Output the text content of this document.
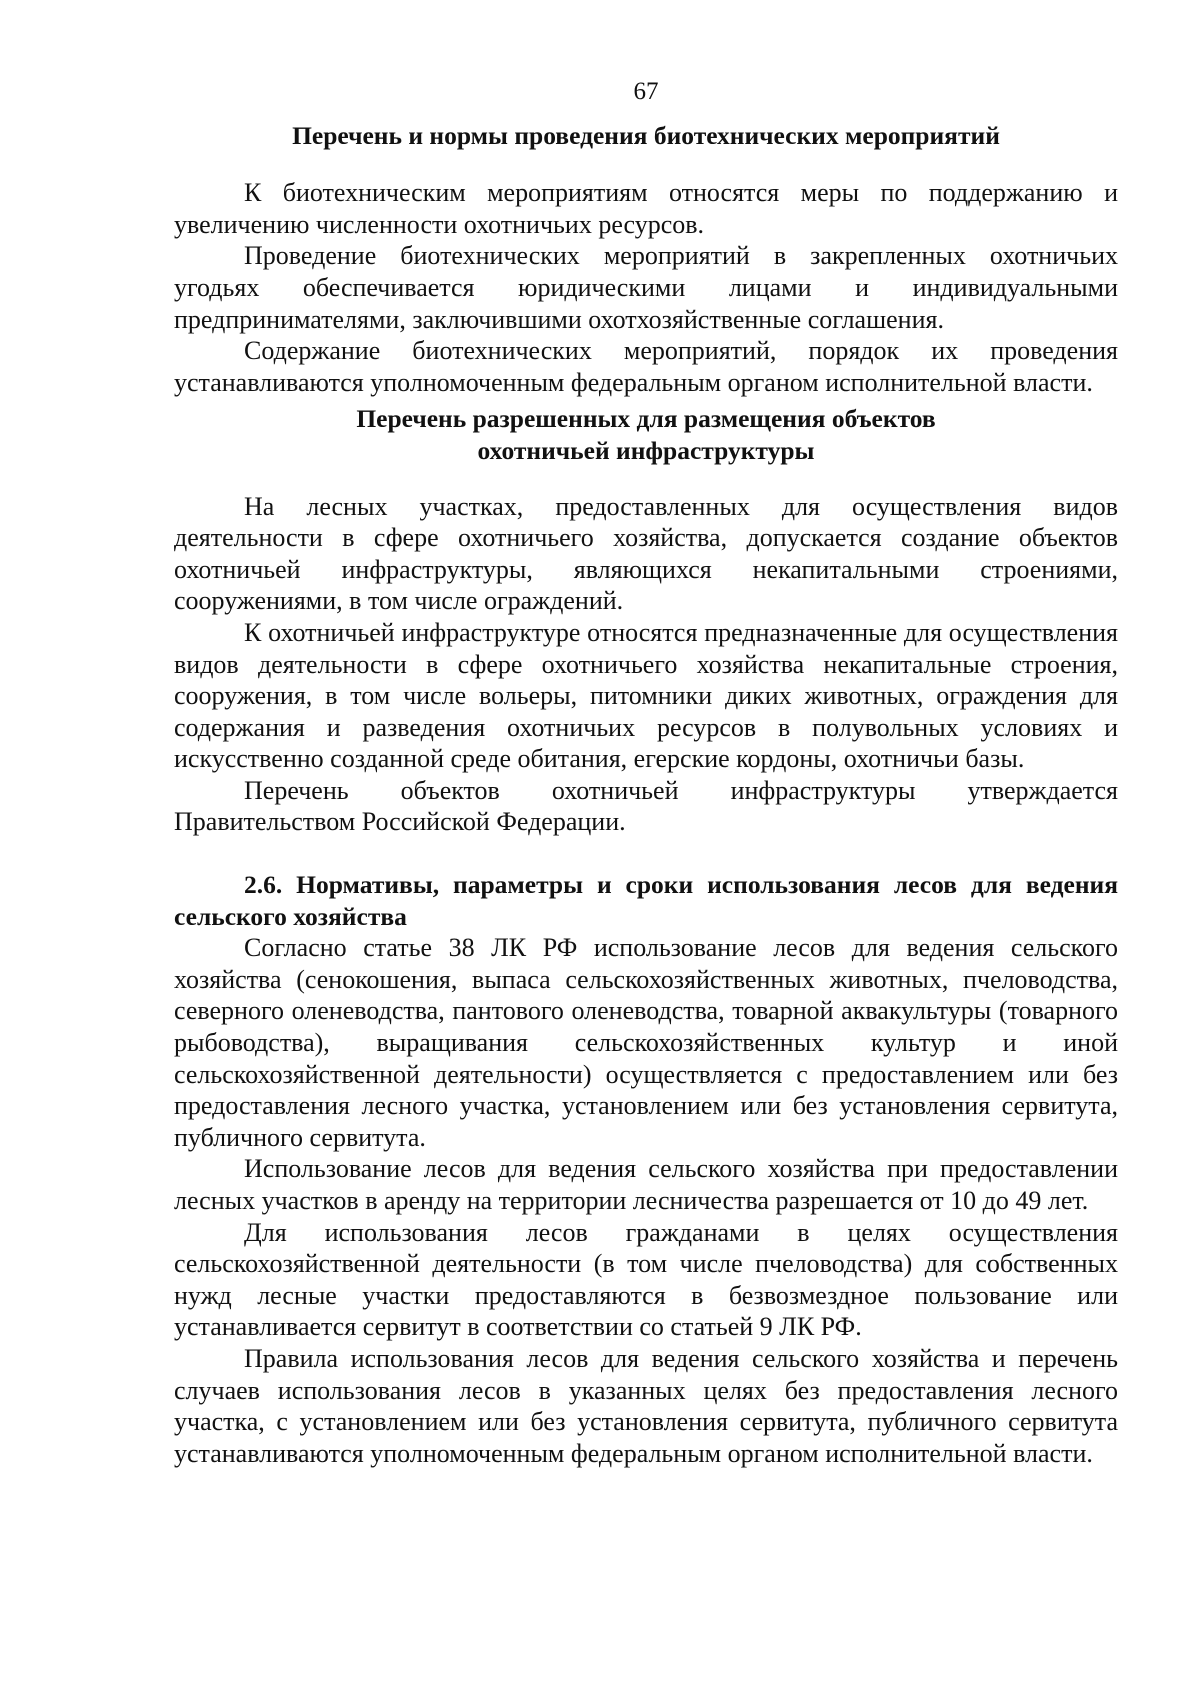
67
Перечень и нормы проведения биотехнических мероприятий

К биотехническим мероприятиям относятся меры по поддержанию и увеличению численности охотничьих ресурсов.

Проведение биотехнических мероприятий в закрепленных охотничьих угодьях обеспечивается юридическими лицами и индивидуальными предпринимателями, заключившими охотхозяйственные соглашения.

Содержание биотехнических мероприятий, порядок их проведения устанавливаются уполномоченным федеральным органом исполнительной власти.

Перечень разрешенных для размещения объектов
охотничьей инфраструктуры

На лесных участках, предоставленных для осуществления видов деятельности в сфере охотничьего хозяйства, допускается создание объектов охотничьей инфраструктуры, являющихся некапитальными строениями, сооружениями, в том числе ограждений.

К охотничьей инфраструктуре относятся предназначенные для осуществления видов деятельности в сфере охотничьего хозяйства некапитальные строения, сооружения, в том числе вольеры, питомники диких животных, ограждения для содержания и разведения охотничьих ресурсов в полувольных условиях и искусственно созданной среде обитания, егерские кордоны, охотничьи базы.

Перечень объектов охотничьей инфраструктуры утверждается Правительством Российской Федерации.

2.6. Нормативы, параметры и сроки использования лесов для ведения сельского хозяйства

Согласно статье 38 ЛК РФ использование лесов для ведения сельского хозяйства (сенокошения, выпаса сельскохозяйственных животных, пчеловодства, северного оленеводства, пантового оленеводства, товарной аквакультуры (товарного рыбоводства), выращивания сельскохозяйственных культур и иной сельскохозяйственной деятельности) осуществляется с предоставлением или без предоставления лесного участка, установлением или без установления сервитута, публичного сервитута.

Использование лесов для ведения сельского хозяйства при предоставлении лесных участков в аренду на территории лесничества разрешается от 10 до 49 лет.

Для использования лесов гражданами в целях осуществления сельскохозяйственной деятельности (в том числе пчеловодства) для собственных нужд лесные участки предоставляются в безвозмездное пользование или устанавливается сервитут в соответствии со статьей 9 ЛК РФ.

Правила использования лесов для ведения сельского хозяйства и перечень случаев использования лесов в указанных целях без предоставления лесного участка, с установлением или без установления сервитута, публичного сервитута устанавливаются уполномоченным федеральным органом исполнительной власти.
